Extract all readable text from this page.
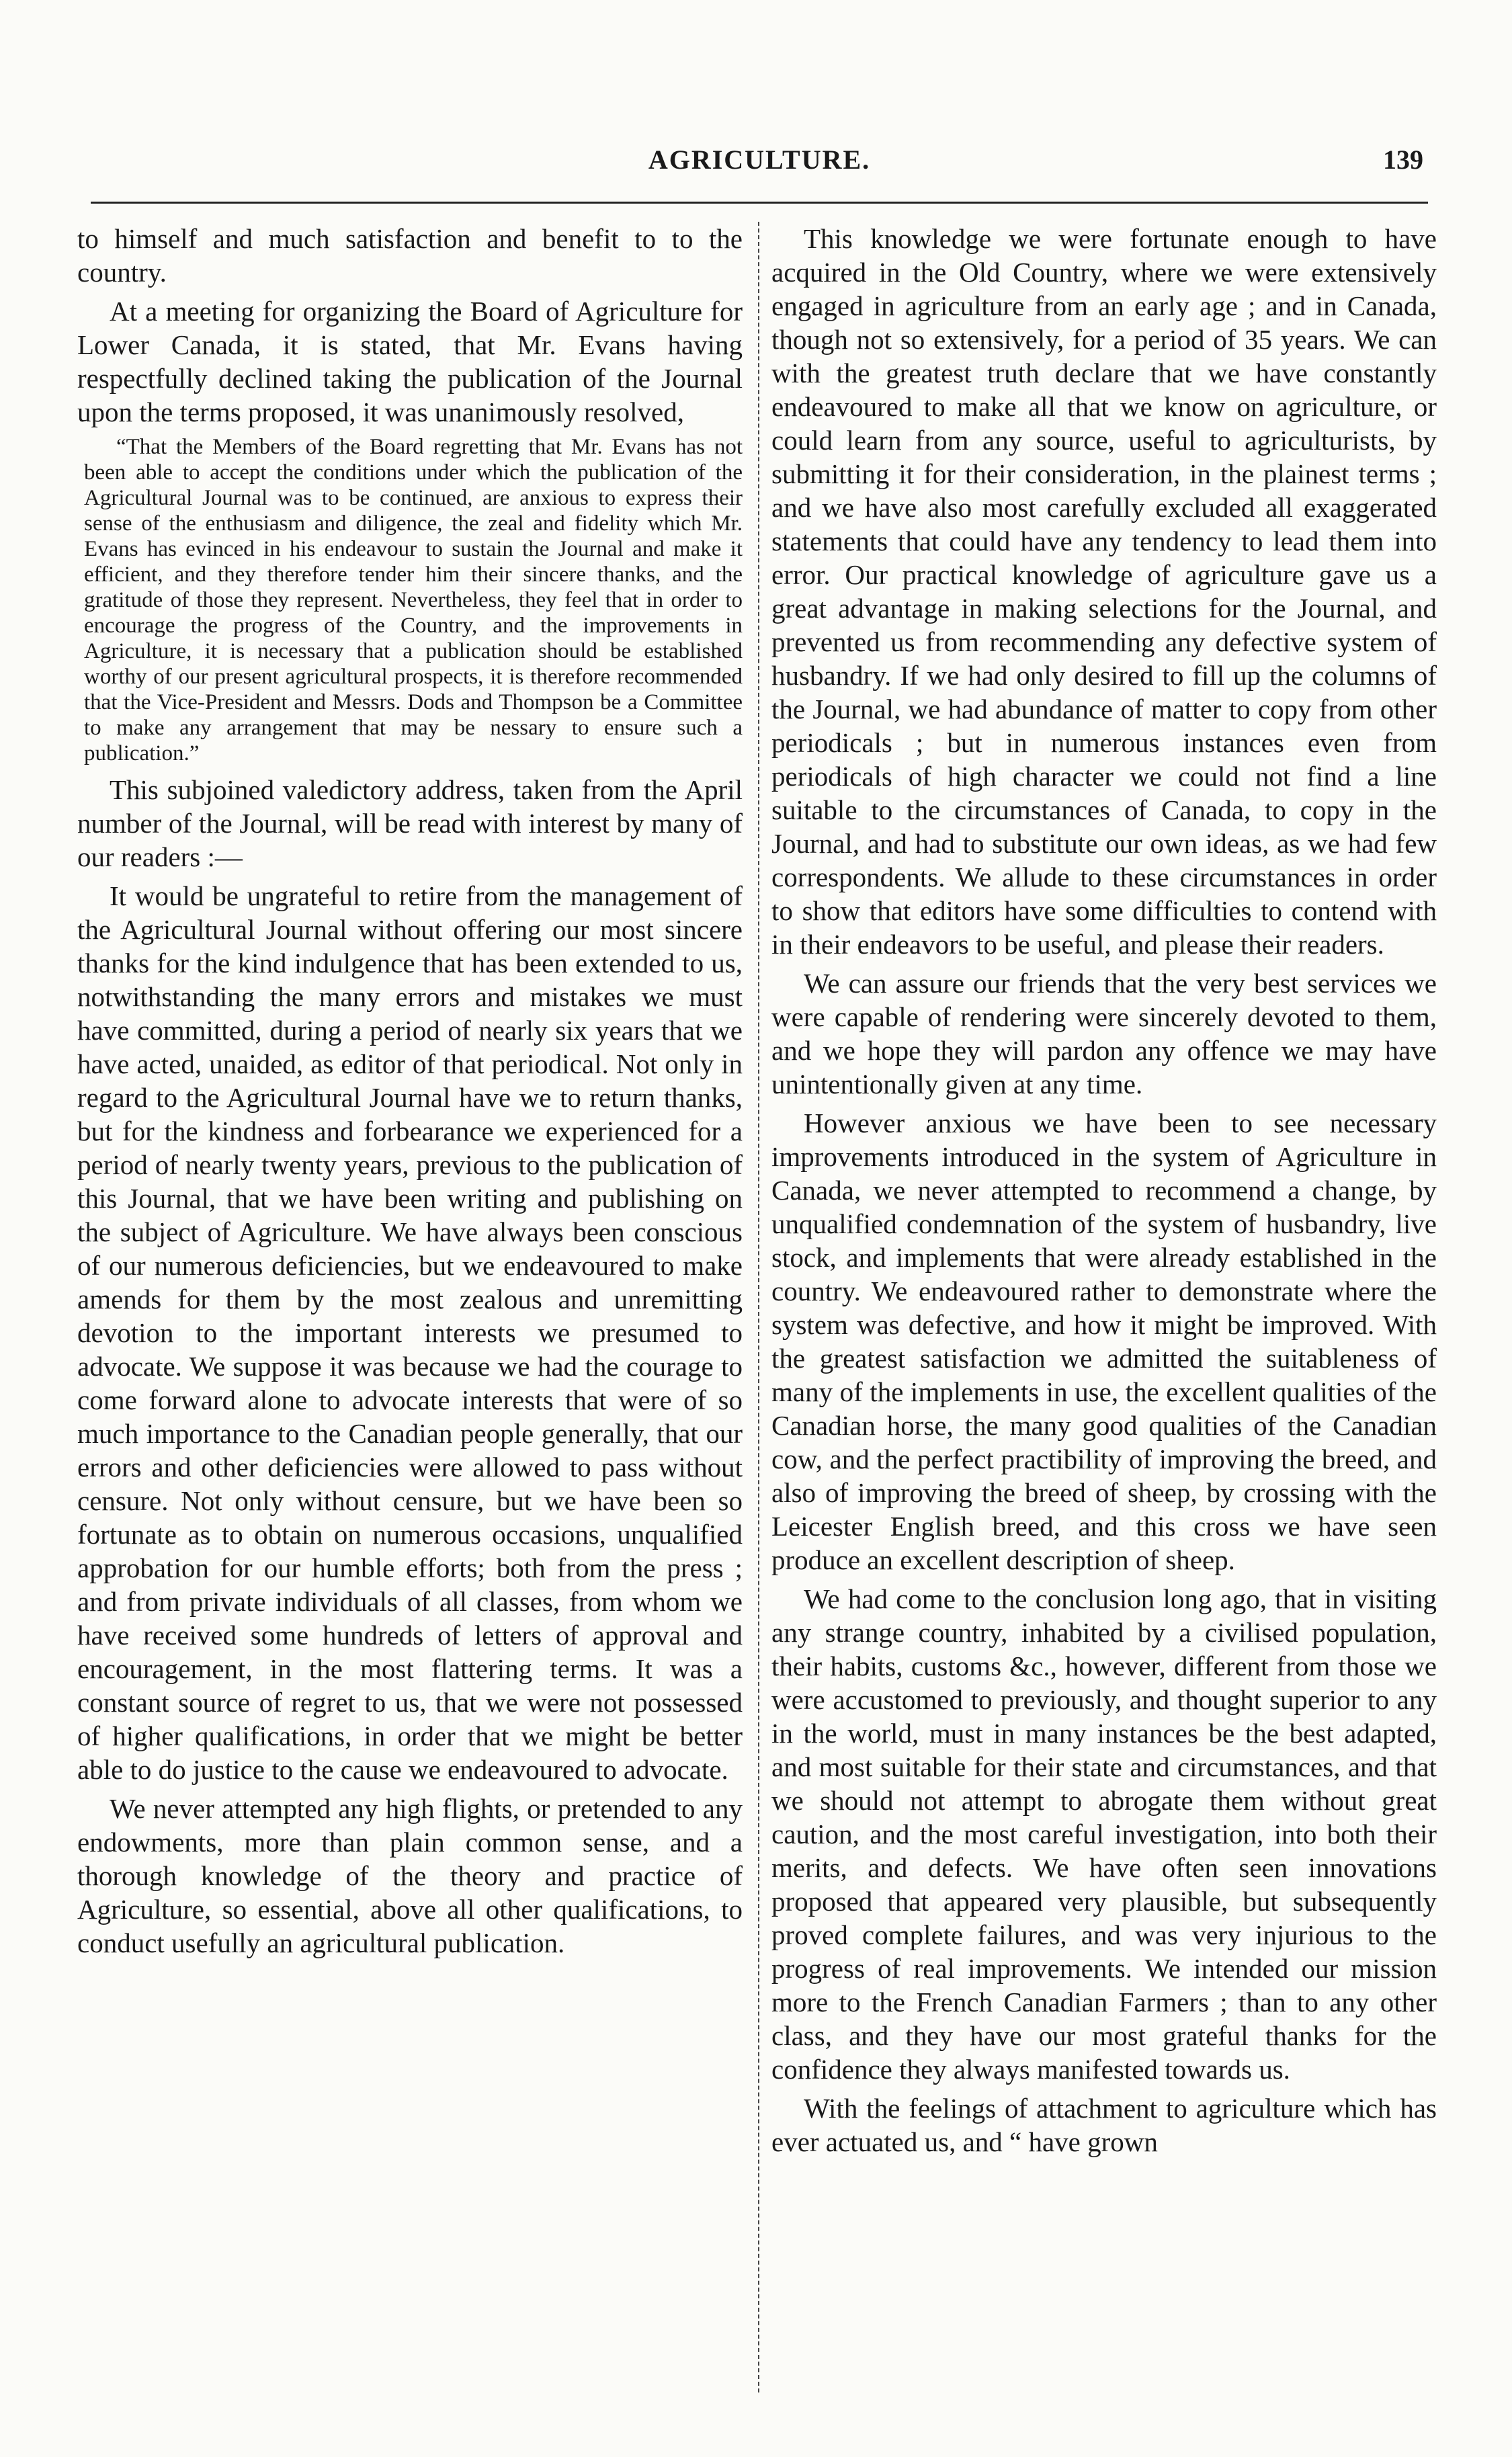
AGRICULTURE.	139

to himself and much satisfaction and benefit to to the country.

At a meeting for organizing the Board of Agriculture for Lower Canada, it is stated, that Mr. Evans having respectfully declined taking the publication of the Journal upon the terms proposed, it was unanimously resolved,

“That the Members of the Board regretting that Mr. Evans has not been able to accept the conditions under which the publication of the Agricultural Journal was to be continued, are anxious to express their sense of the enthusiasm and diligence, the zeal and fidelity which Mr. Evans has evinced in his endeavour to sustain the Journal and make it efficient, and they therefore tender him their sincere thanks, and the gratitude of those they represent. Nevertheless, they feel that in order to encourage the progress of the Country, and the improvements in Agriculture, it is necessary that a publication should be established worthy of our present agricultural prospects, it is therefore recommended that the Vice-President and Messrs. Dods and Thompson be a Committee to make any arrangement that may be nessary to ensure such a publication.”

This subjoined valedictory address, taken from the April number of the Journal, will be read with interest by many of our readers :—

It would be ungrateful to retire from the management of the Agricultural Journal without offering our most sincere thanks for the kind indulgence that has been extended to us, notwithstanding the many errors and mistakes we must have committed, during a period of nearly six years that we have acted, unaided, as editor of that periodical. Not only in regard to the Agricultural Journal have we to return thanks, but for the kindness and forbearance we experienced for a period of nearly twenty years, previous to the publication of this Journal, that we have been writing and publishing on the subject of Agriculture. We have always been conscious of our numerous deficiencies, but we endeavoured to make amends for them by the most zealous and unremitting devotion to the important interests we presumed to advocate. We suppose it was because we had the courage to come forward alone to advocate interests that were of so much importance to the Canadian people generally, that our errors and other deficiencies were allowed to pass without censure. Not only without censure, but we have been so fortunate as to obtain on numerous occasions, unqualified approbation for our humble efforts; both from the press ; and from private individuals of all classes, from whom we have received some hundreds of letters of approval and encouragement, in the most flattering terms. It was a constant source of regret to us, that we were not possessed of higher qualifications, in order that we might be better able to do justice to the cause we endeavoured to advocate.

We never attempted any high flights, or pretended to any endowments, more than plain common sense, and a thorough knowledge of the theory and practice of Agriculture, so essential, above all other qualifications, to conduct usefully an agricultural publication.

This knowledge we were fortunate enough to have acquired in the Old Country, where we were extensively engaged in agriculture from an early age ; and in Canada, though not so extensively, for a period of 35 years. We can with the greatest truth declare that we have constantly endeavoured to make all that we know on agriculture, or could learn from any source, useful to agriculturists, by submitting it for their consideration, in the plainest terms ; and we have also most carefully excluded all exaggerated statements that could have any tendency to lead them into error. Our practical knowledge of agriculture gave us a great advantage in making selections for the Journal, and prevented us from recommending any defective system of husbandry. If we had only desired to fill up the columns of the Journal, we had abundance of matter to copy from other periodicals ; but in numerous instances even from periodicals of high character we could not find a line suitable to the circumstances of Canada, to copy in the Journal, and had to substitute our own ideas, as we had few correspondents. We allude to these circumstances in order to show that editors have some difficulties to contend with in their endeavors to be useful, and please their readers.

We can assure our friends that the very best services we were capable of rendering were sincerely devoted to them, and we hope they will pardon any offence we may have unintentionally given at any time.

However anxious we have been to see necessary improvements introduced in the system of Agriculture in Canada, we never attempted to recommend a change, by unqualified condemnation of the system of husbandry, live stock, and implements that were already established in the country. We endeavoured rather to demonstrate where the system was defective, and how it might be improved. With the greatest satisfaction we admitted the suitableness of many of the implements in use, the excellent qualities of the Canadian horse, the many good qualities of the Canadian cow, and the perfect practibility of improving the breed, and also of improving the breed of sheep, by crossing with the Leicester English breed, and this cross we have seen produce an excellent description of sheep.

We had come to the conclusion long ago, that in visiting any strange country, inhabited by a civilised population, their habits, customs &c., however, different from those we were accustomed to previously, and thought superior to any in the world, must in many instances be the best adapted, and most suitable for their state and circumstances, and that we should not attempt to abrogate them without great caution, and the most careful investigation, into both their merits, and defects. We have often seen innovations proposed that appeared very plausible, but subsequently proved complete failures, and was very injurious to the progress of real improvements. We intended our mission more to the French Canadian Farmers ; than to any other class, and they have our most grateful thanks for the confidence they always manifested towards us.

With the feelings of attachment to agriculture which has ever actuated us, and “ have grown
